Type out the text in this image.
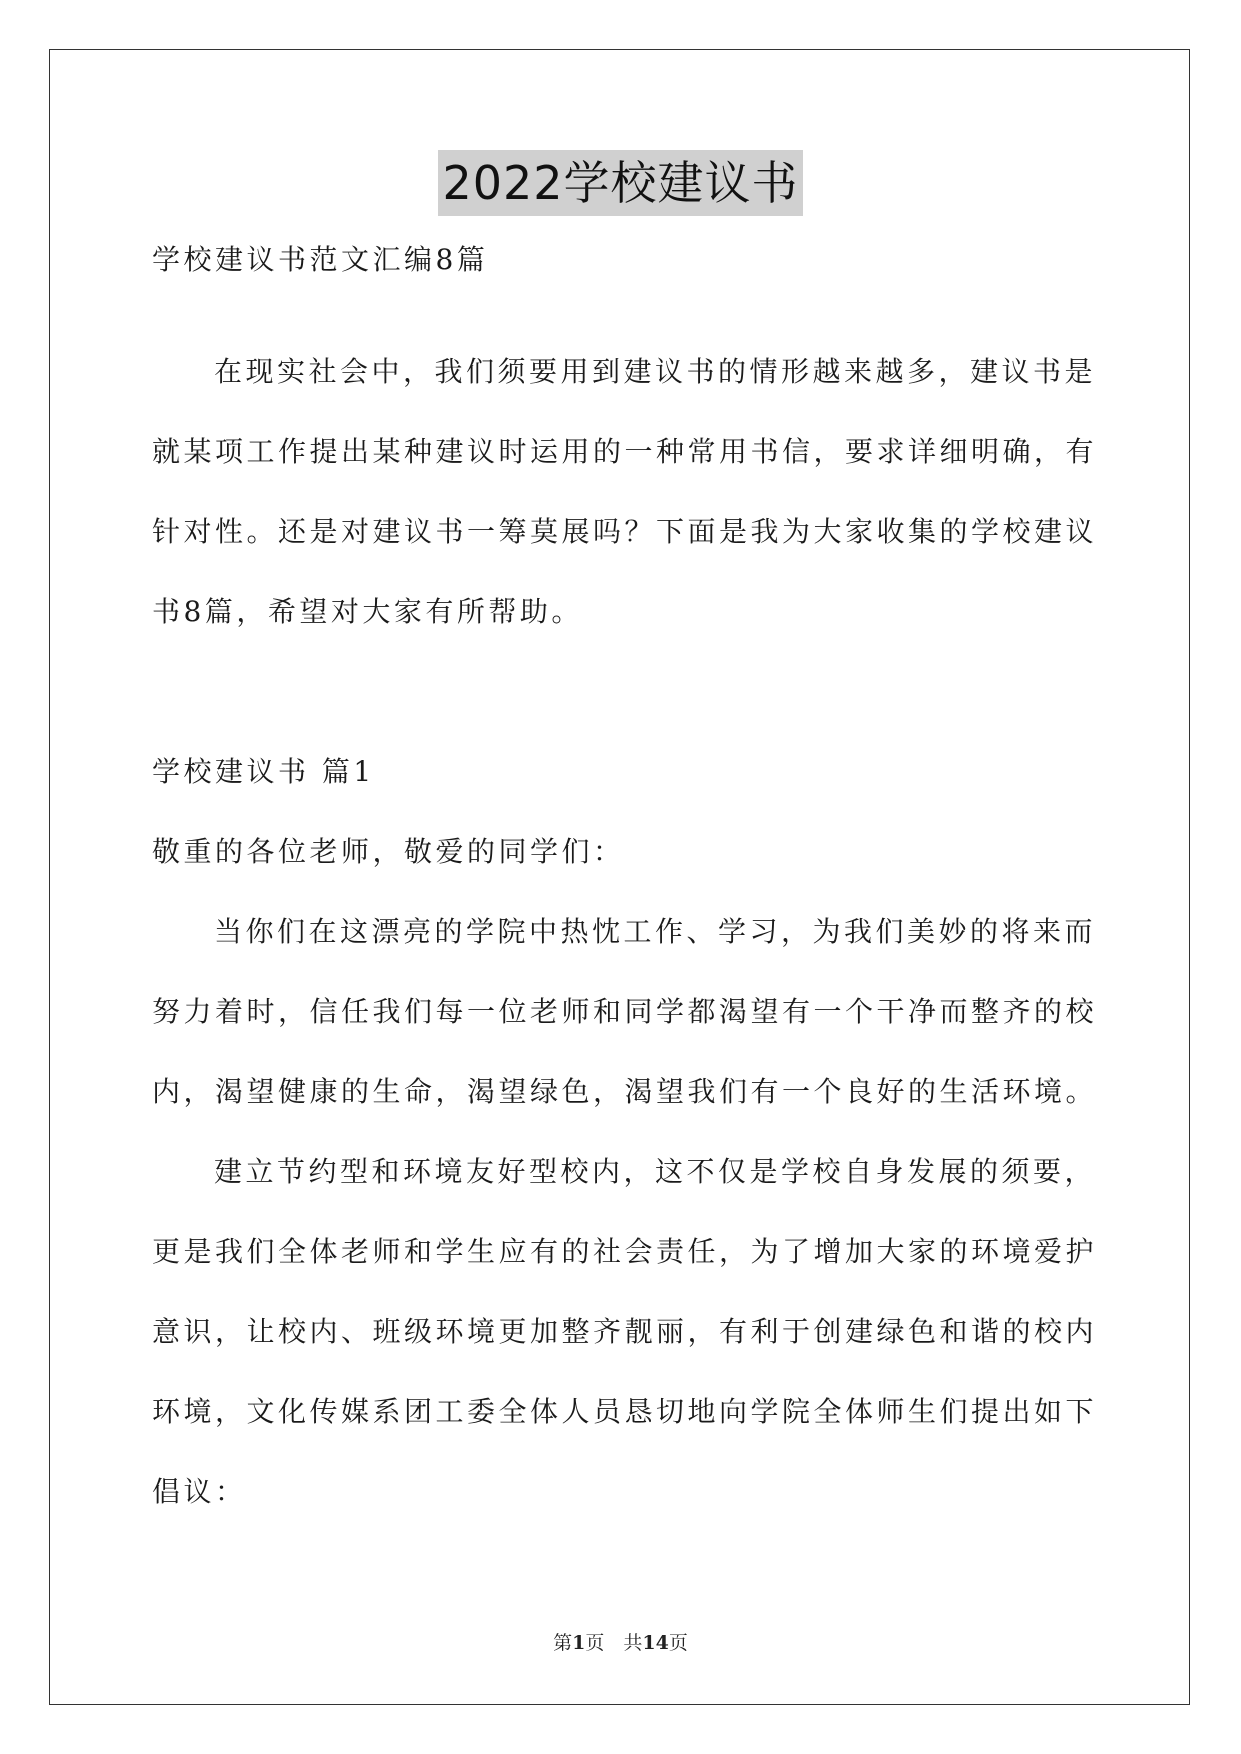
2022学校建议书
学校建议书范文汇编8篇
在现实社会中，我们须要用到建议书的情形越来越多，建议书是
就某项工作提出某种建议时运用的一种常用书信，要求详细明确，有
针对性。还是对建议书一筹莫展吗？下面是我为大家收集的学校建议
书8篇，希望对大家有所帮助。
学校建议书 篇1
敬重的各位老师，敬爱的同学们：
当你们在这漂亮的学院中热忱工作、学习，为我们美妙的将来而
努力着时，信任我们每一位老师和同学都渴望有一个干净而整齐的校
内，渴望健康的生命，渴望绿色，渴望我们有一个良好的生活环境。
建立节约型和环境友好型校内，这不仅是学校自身发展的须要，
更是我们全体老师和学生应有的社会责任，为了增加大家的环境爱护
意识，让校内、班级环境更加整齐靓丽，有利于创建绿色和谐的校内
环境，文化传媒系团工委全体人员恳切地向学院全体师生们提出如下
倡议：
第1页　共14页
